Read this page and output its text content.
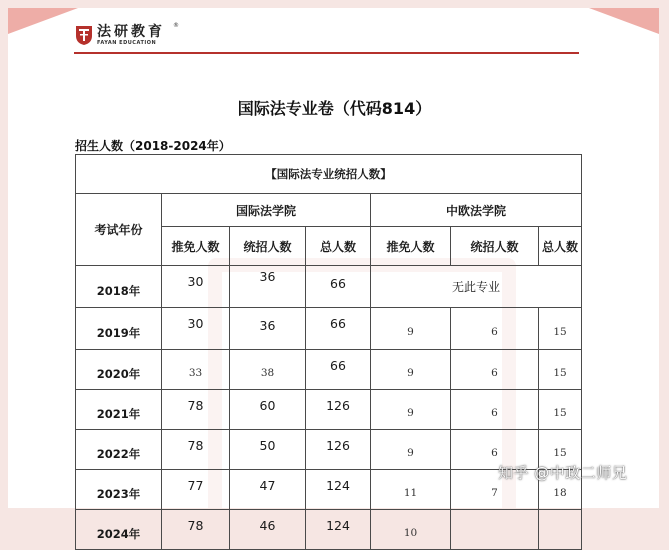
法研教育
FAYAN EDUCATION
®
国际法专业卷（代码814）
招生人数（2018-2024年）
【国际法专业统招人数】						
考试年份	国际法学院			中欧法学院		
	推免人数	统招人数	总人数	推免人数	统招人数	总人数
2018年	30	36	66	无此专业		
2019年	30	36	66	9	6	15
2020年	33	38	66	9	6	15
2021年	78	60	126	9	6	15
2022年	78	50	126	9	6	15
2023年	77	47	124	11	7	18
2024年	78	46	124	10		
知乎 @中政二师兄
